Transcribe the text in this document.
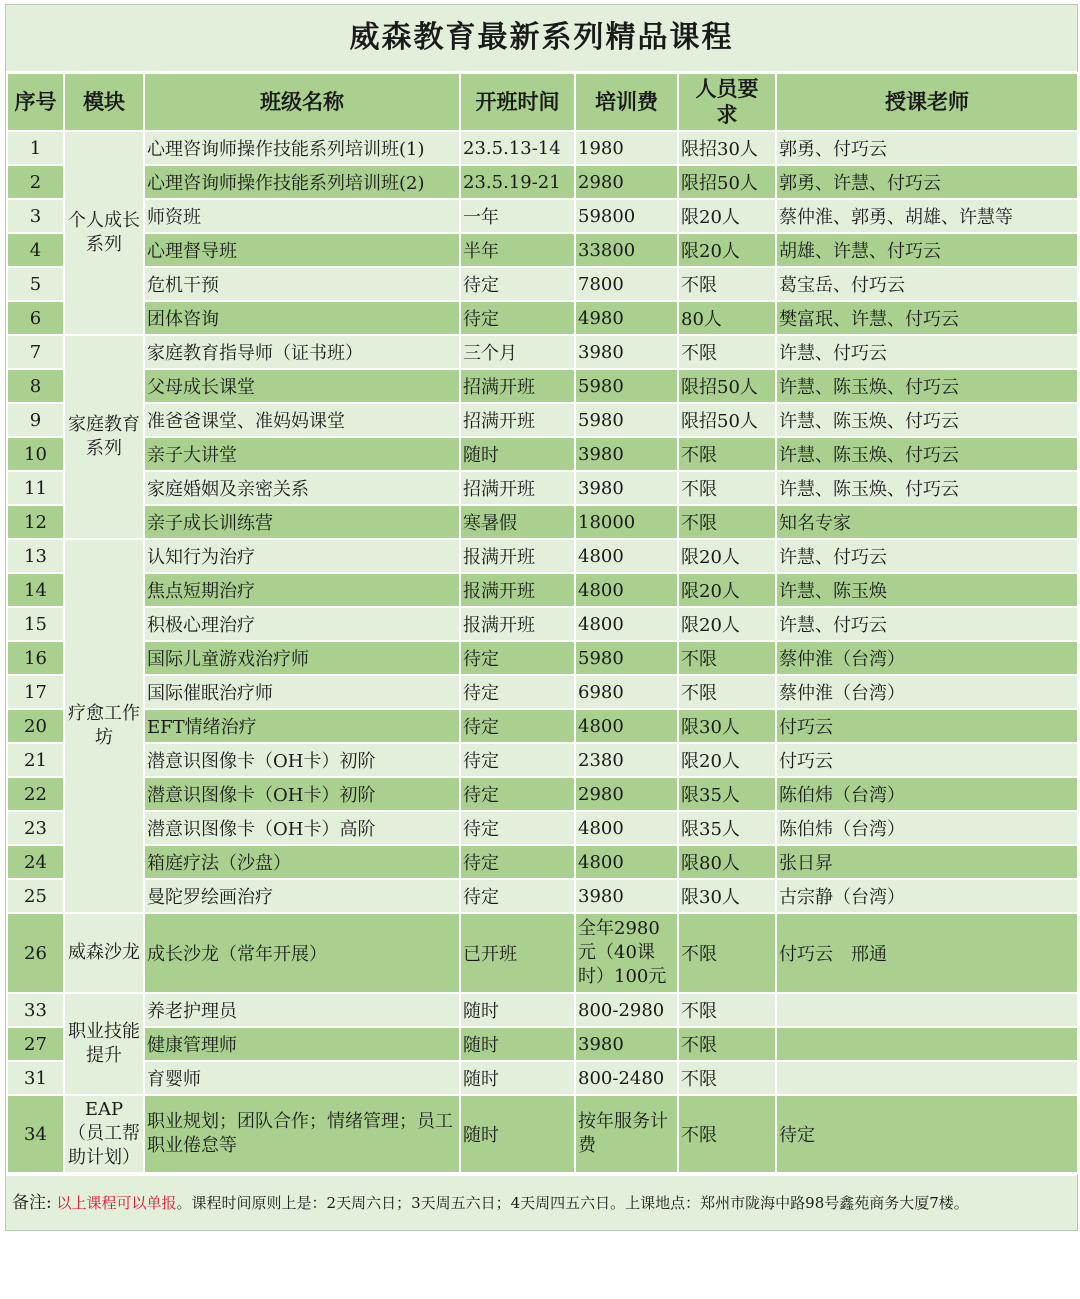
威森教育最新系列精品课程
序号	模块	班级名称	开班时间	培训费	人员要求	授课老师
1	个人成长系列	心理咨询师操作技能系列培训班(1)	23.5.13-14	1980	限招30人	郭勇、付巧云
2		心理咨询师操作技能系列培训班(2)	23.5.19-21	2980	限招50人	郭勇、许慧、付巧云
3		师资班	一年	59800	限20人	蔡仲淮、郭勇、胡雄、许慧等
4		心理督导班	半年	33800	限20人	胡雄、许慧、付巧云
5		危机干预	待定	7800	不限	葛宝岳、付巧云
6		团体咨询	待定	4980	80人	樊富珉、许慧、付巧云
7	家庭教育系列	家庭教育指导师（证书班）	三个月	3980	不限	许慧、付巧云
8		父母成长课堂	招满开班	5980	限招50人	许慧、陈玉焕、付巧云
9		准爸爸课堂、准妈妈课堂	招满开班	5980	限招50人	许慧、陈玉焕、付巧云
10		亲子大讲堂	随时	3980	不限	许慧、陈玉焕、付巧云
11		家庭婚姻及亲密关系	招满开班	3980	不限	许慧、陈玉焕、付巧云
12		亲子成长训练营	寒暑假	18000	不限	知名专家
13	疗愈工作坊	认知行为治疗	报满开班	4800	限20人	许慧、付巧云
14		焦点短期治疗	报满开班	4800	限20人	许慧、陈玉焕
15		积极心理治疗	报满开班	4800	限20人	许慧、付巧云
16		国际儿童游戏治疗师	待定	5980	不限	蔡仲淮（台湾）
17		国际催眠治疗师	待定	6980	不限	蔡仲淮（台湾）
20		EFT情绪治疗	待定	4800	限30人	付巧云
21		潜意识图像卡（OH卡）初阶	待定	2380	限20人	付巧云
22		潜意识图像卡（OH卡）初阶	待定	2980	限35人	陈伯炜（台湾）
23		潜意识图像卡（OH卡）高阶	待定	4800	限35人	陈伯炜（台湾）
24		箱庭疗法（沙盘）	待定	4800	限80人	张日昇
25		曼陀罗绘画治疗	待定	3980	限30人	古宗静（台湾）
26	威森沙龙	成长沙龙（常年开展）	已开班	全年2980元（40课时）100元	不限	付巧云　邢通
33	职业技能提升	养老护理员	随时	800-2980	不限	
27		健康管理师	随时	3980	不限	
31		育婴师	随时	800-2480	不限	
34	EAP（员工帮助计划）	职业规划；团队合作；情绪管理；员工职业倦怠等	随时	按年服务计费	不限	待定
备注: 以上课程可以单报。课程时间原则上是：2天周六日；3天周五六日；4天周四五六日。上课地点：郑州市陇海中路98号鑫苑商务大厦7楼。
